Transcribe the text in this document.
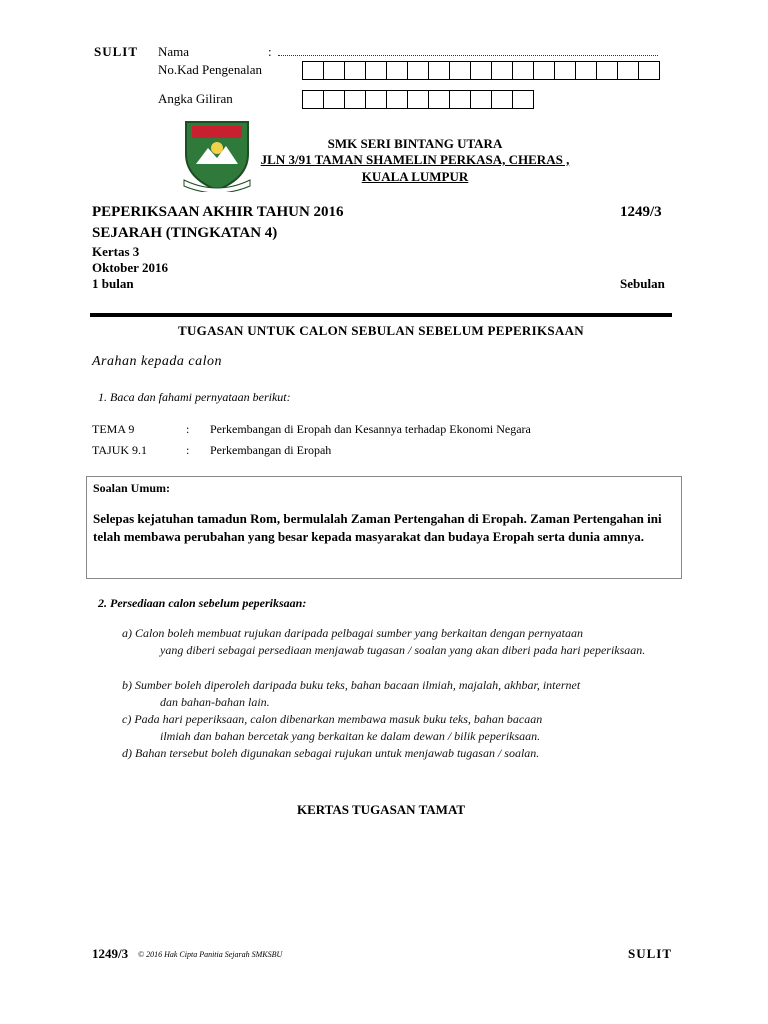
SULIT Nama	:
No.Kad Pengenalan
Angka Giliran
SMK SERI BINTANG UTARA
JLN 3/91 TAMAN SHAMELIN PERKASA, CHERAS ,
KUALA LUMPUR
PEPERIKSAAN AKHIR TAHUN 2016	1249/3
SEJARAH (TINGKATAN 4)
Kertas 3
Oktober 2016
1 bulan	Sebulan
TUGASAN UNTUK CALON SEBULAN SEBELUM PEPERIKSAAN
Arahan kepada calon
1. Baca dan fahami pernyataan berikut:
TEMA 9	: Perkembangan di Eropah dan Kesannya terhadap Ekonomi Negara
TAJUK 9.1	: Perkembangan di Eropah
Soalan Umum:
Selepas kejatuhan tamadun Rom, bermulalah Zaman Pertengahan di Eropah. Zaman Pertengahan ini telah membawa perubahan yang besar kepada masyarakat dan budaya Eropah serta dunia amnya.
2. Persediaan calon sebelum peperiksaan:
a) Calon boleh membuat rujukan daripada pelbagai sumber yang berkaitan dengan pernyataan
yang diberi sebagai persediaan menjawab tugasan / soalan yang akan diberi pada hari peperiksaan.
b) Sumber boleh diperoleh daripada buku teks, bahan bacaan ilmiah, majalah, akhbar, internet

dan bahan-bahan lain.
c) Pada hari peperiksaan, calon dibenarkan membawa masuk buku teks, bahan bacaan

ilmiah dan bahan bercetak yang berkaitan ke dalam dewan / bilik peperiksaan.
d) Bahan tersebut boleh digunakan sebagai rujukan untuk menjawab tugasan / soalan.
KERTAS TUGASAN TAMAT
1249/3 © 2016 Hak Cipta Panitia Sejarah SMKSBU	SULIT
